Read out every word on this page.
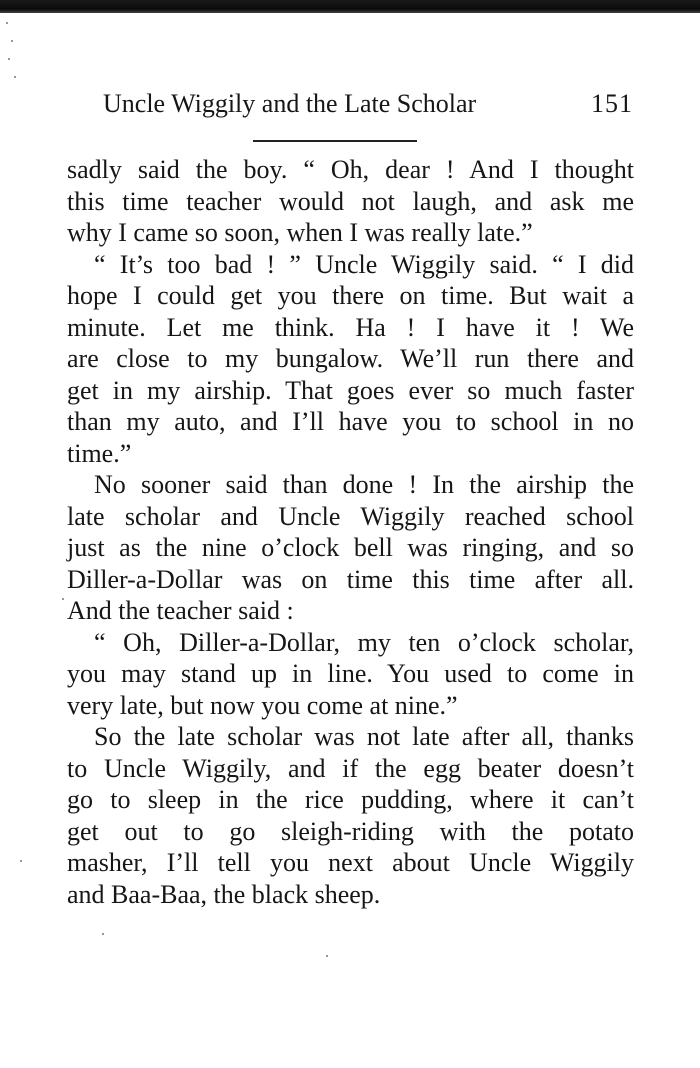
Uncle Wiggily and the Late Scholar	151
sadly said the boy. “ Oh, dear ! And I thought
this time teacher would not laugh, and ask me
why I came so soon, when I was really late.”
“ It’s too bad ! ” Uncle Wiggily said. “ I did
hope I could get you there on time. But wait a
minute. Let me think. Ha ! I have it ! We
are close to my bungalow. We’ll run there and
get in my airship. That goes ever so much faster
than my auto, and I’ll have you to school in no
time.”
No sooner said than done ! In the airship the
late scholar and Uncle Wiggily reached school
just as the nine o’clock bell was ringing, and so
Diller-a-Dollar was on time this time after all.
And the teacher said :
“ Oh, Diller-a-Dollar, my ten o’clock scholar,
you may stand up in line. You used to come in
very late, but now you come at nine.”
So the late scholar was not late after all, thanks
to Uncle Wiggily, and if the egg beater doesn’t
go to sleep in the rice pudding, where it can’t
get out to go sleigh-riding with the potato
masher, I’ll tell you next about Uncle Wiggily
and Baa-Baa, the black sheep.
